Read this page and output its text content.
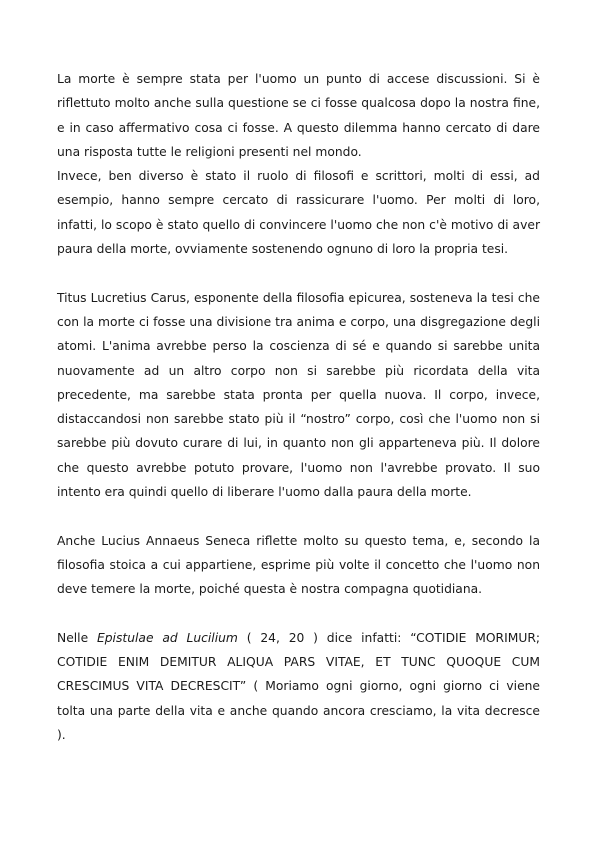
La morte è sempre stata per l'uomo un punto di accese discussioni. Si è riflettuto molto anche sulla questione se ci fosse qualcosa dopo la nostra fine, e in caso affermativo cosa ci fosse. A questo dilemma hanno cercato di dare una risposta tutte le religioni presenti nel mondo.

Invece, ben diverso è stato il ruolo di filosofi e scrittori, molti di essi, ad esempio, hanno sempre cercato di rassicurare l'uomo. Per molti di loro, infatti, lo scopo è stato quello di convincere l'uomo che non c'è motivo di aver paura della morte, ovviamente sostenendo ognuno di loro la propria tesi.

Titus Lucretius Carus, esponente della filosofia epicurea, sosteneva la tesi che con la morte ci fosse una divisione tra anima e corpo, una disgregazione degli atomi. L'anima avrebbe perso la coscienza di sé e quando si sarebbe unita nuovamente ad un altro corpo non si sarebbe più ricordata della vita precedente, ma sarebbe stata pronta per quella nuova. Il corpo, invece, distaccandosi non sarebbe stato più il “nostro” corpo, così che l'uomo non si sarebbe più dovuto curare di lui, in quanto non gli apparteneva più. Il dolore che questo avrebbe potuto provare, l'uomo non l'avrebbe provato. Il suo intento era quindi quello di liberare l'uomo dalla paura della morte.

Anche Lucius Annaeus Seneca riflette molto su questo tema, e, secondo la filosofia stoica a cui appartiene, esprime più volte il concetto che l'uomo non deve temere la morte, poiché questa è nostra compagna quotidiana.

Nelle Epistulae ad Lucilium ( 24, 20 ) dice infatti: “COTIDIE MORIMUR; COTIDIE ENIM DEMITUR ALIQUA PARS VITAE, ET TUNC QUOQUE CUM CRESCIMUS VITA DECRESCIT” ( Moriamo ogni giorno, ogni giorno ci viene tolta una parte della vita e anche quando ancora cresciamo, la vita decresce ).
